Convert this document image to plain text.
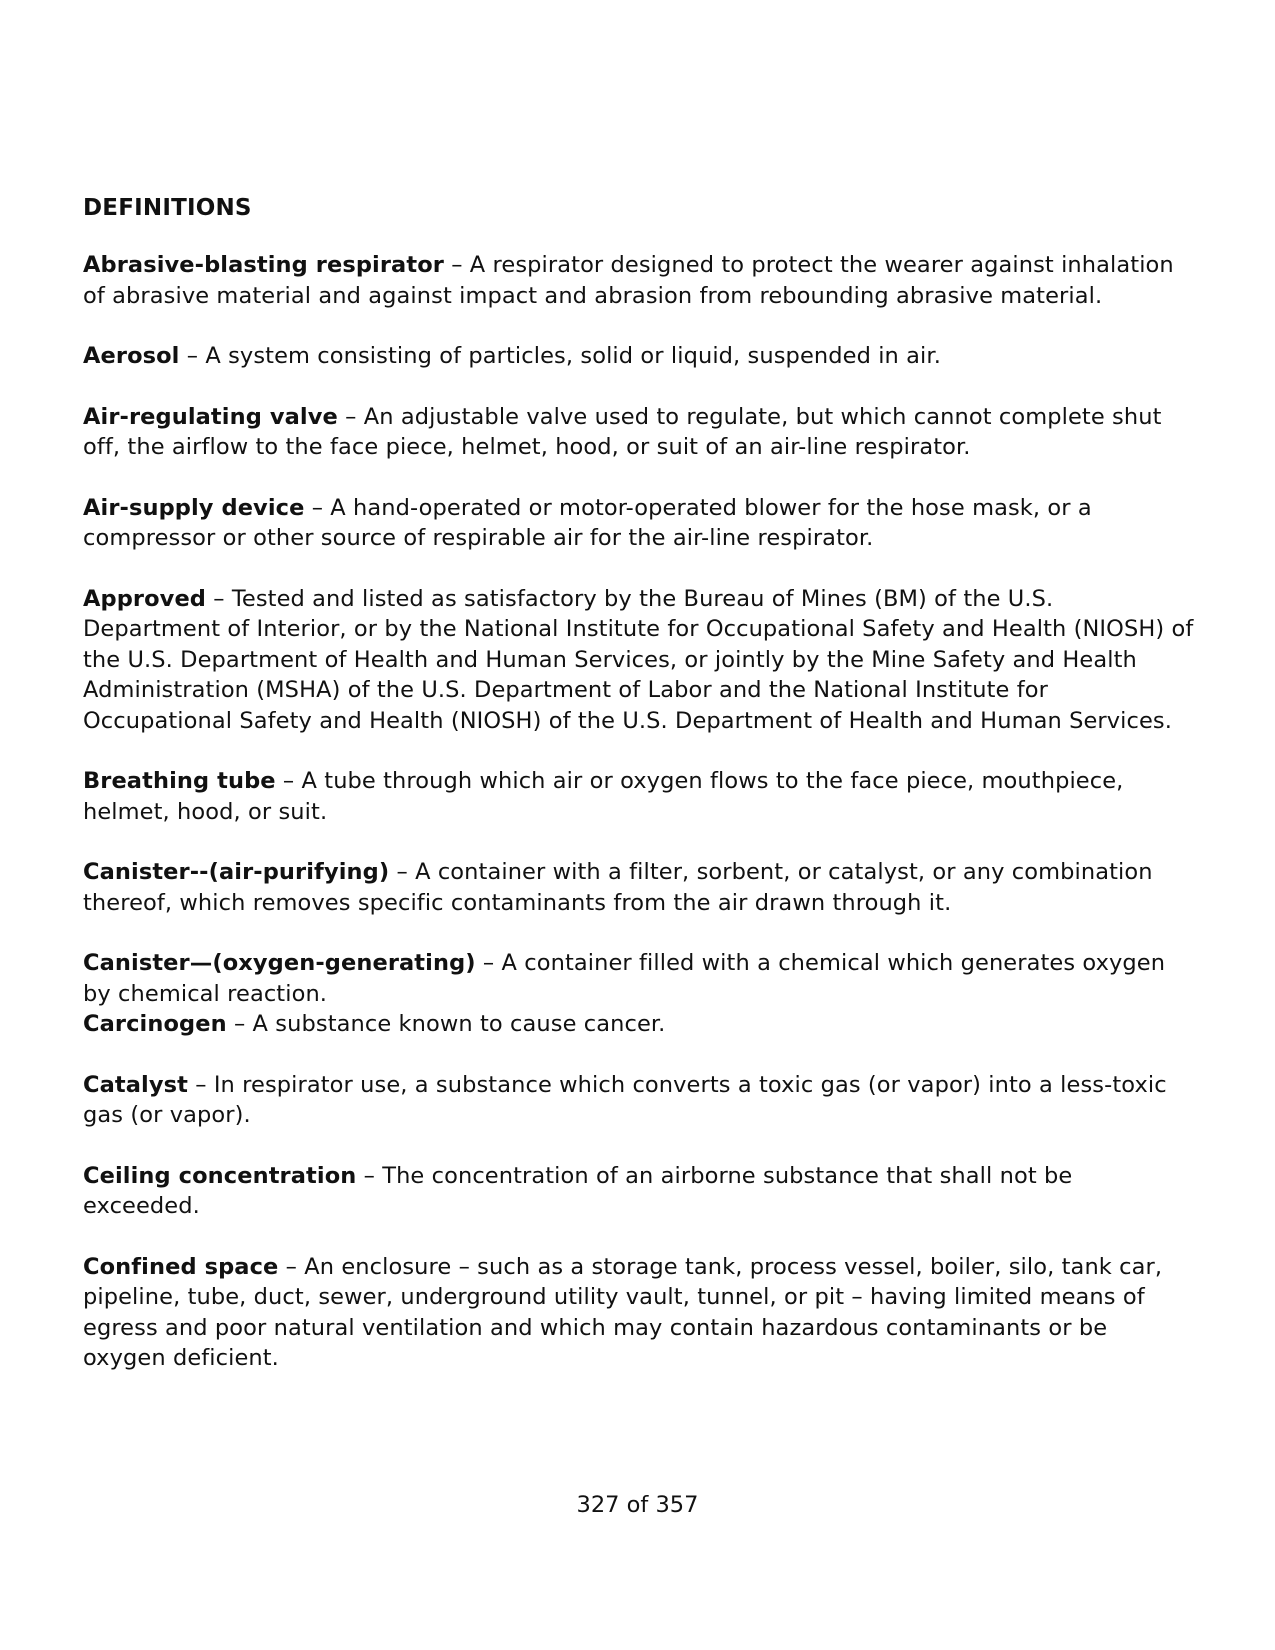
DEFINITIONS

Abrasive-blasting respirator – A respirator designed to protect the wearer against inhalation of abrasive material and against impact and abrasion from rebounding abrasive material.

Aerosol – A system consisting of particles, solid or liquid, suspended in air.

Air-regulating valve – An adjustable valve used to regulate, but which cannot complete shut off, the airflow to the face piece, helmet, hood, or suit of an air-line respirator.

Air-supply device – A hand-operated or motor-operated blower for the hose mask, or a compressor or other source of respirable air for the air-line respirator.

Approved – Tested and listed as satisfactory by the Bureau of Mines (BM) of the U.S. Department of Interior, or by the National Institute for Occupational Safety and Health (NIOSH) of the U.S. Department of Health and Human Services, or jointly by the Mine Safety and Health Administration (MSHA) of the U.S. Department of Labor and the National Institute for Occupational Safety and Health (NIOSH) of the U.S. Department of Health and Human Services.

Breathing tube – A tube through which air or oxygen flows to the face piece, mouthpiece, helmet, hood, or suit.

Canister--(air-purifying) – A container with a filter, sorbent, or catalyst, or any combination thereof, which removes specific contaminants from the air drawn through it.

Canister—(oxygen-generating) – A container filled with a chemical which generates oxygen by chemical reaction.

Carcinogen – A substance known to cause cancer.

Catalyst – In respirator use, a substance which converts a toxic gas (or vapor) into a less-toxic gas (or vapor).

Ceiling concentration – The concentration of an airborne substance that shall not be exceeded.

Confined space – An enclosure – such as a storage tank, process vessel, boiler, silo, tank car, pipeline, tube, duct, sewer, underground utility vault, tunnel, or pit – having limited means of egress and poor natural ventilation and which may contain hazardous contaminants or be oxygen deficient.

327 of 357
